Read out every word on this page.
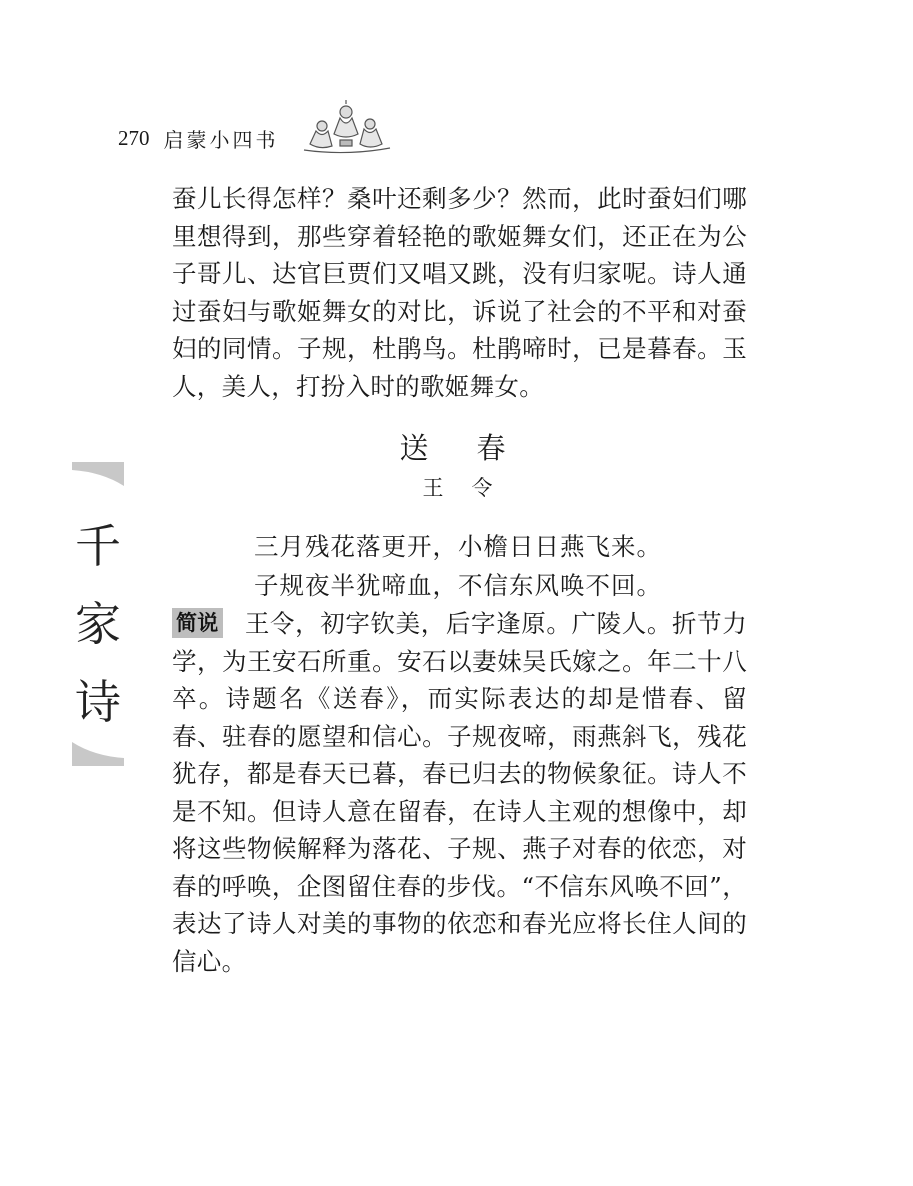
270 启蒙小四书
蚕儿长得怎样？桑叶还剩多少？然而，此时蚕妇们哪里想得到，那些穿着轻艳的歌姬舞女们，还正在为公子哥儿、达官巨贾们又唱又跳，没有归家呢。诗人通过蚕妇与歌姬舞女的对比，诉说了社会的不平和对蚕妇的同情。子规，杜鹃鸟。杜鹃啼时，已是暮春。玉人，美人，打扮入时的歌姬舞女。
送春
王令
三月残花落更开，小檐日日燕飞来。
子规夜半犹啼血，不信东风唤不回。
简说 王令，初字钦美，后字逢原。广陵人。折节力学，为王安石所重。安石以妻妹吴氏嫁之。年二十八卒。诗题名《送春》，而实际表达的却是惜春、留春、驻春的愿望和信心。子规夜啼，雨燕斜飞，残花犹存，都是春天已暮，春已归去的物候象征。诗人不是不知。但诗人意在留春，在诗人主观的想像中，却将这些物候解释为落花、子规、燕子对春的依恋，对春的呼唤，企图留住春的步伐。“不信东风唤不回”，表达了诗人对美的事物的依恋和春光应将长住人间的信心。
千
家
诗
